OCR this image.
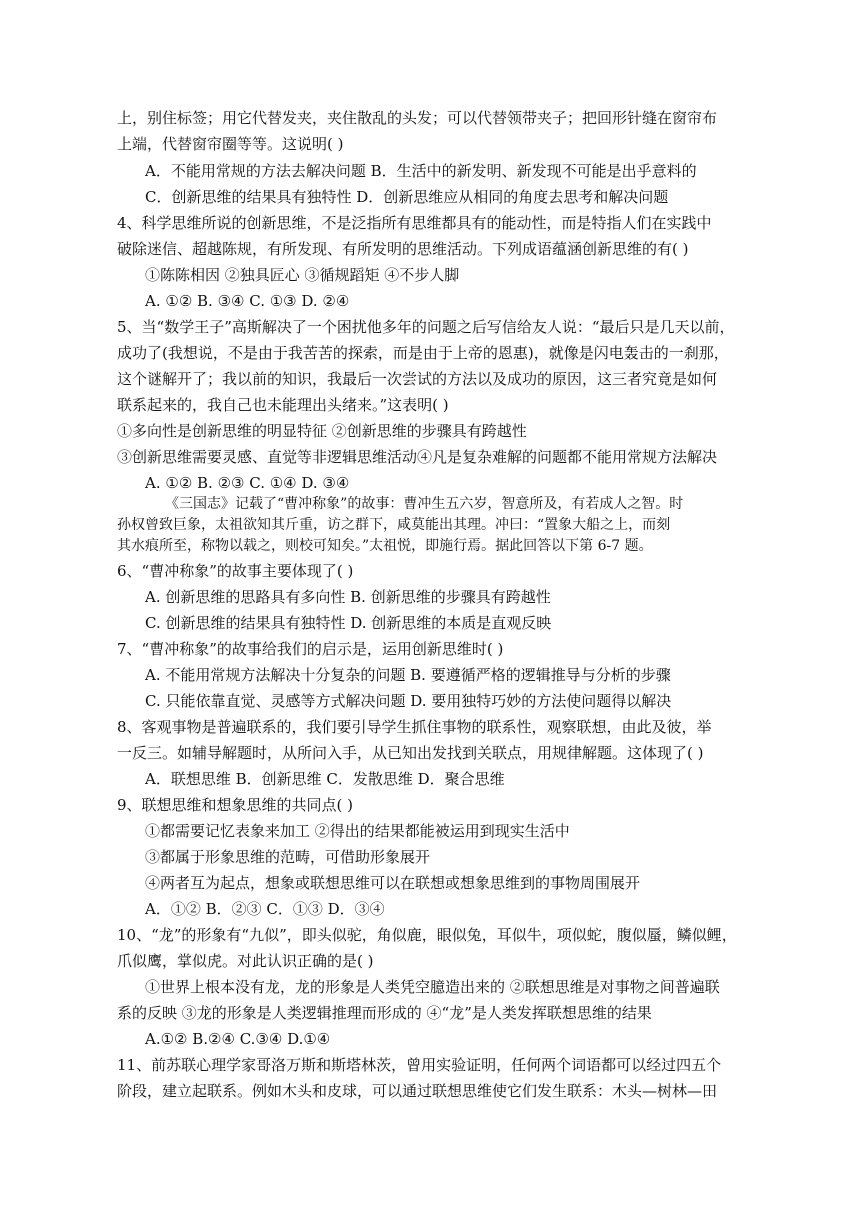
上，别住标签；用它代替发夹，夹住散乱的头发；可以代替领带夹子；把回形针缝在窗帘布
上端，代替窗帘圈等等。这说明( )
A．不能用常规的方法去解决问题 B．生活中的新发明、新发现不可能是出乎意料的
C．创新思维的结果具有独特性 D．创新思维应从相同的角度去思考和解决问题
4、科学思维所说的创新思维，不是泛指所有思维都具有的能动性，而是特指人们在实践中
破除迷信、超越陈规，有所发现、有所发明的思维活动。下列成语蕴涵创新思维的有( )
①陈陈相因 ②独具匠心 ③循规蹈矩 ④不步人脚
A. ①② B. ③④ C. ①③ D. ②④
5、当“数学王子”高斯解决了一个困扰他多年的问题之后写信给友人说：“最后只是几天以前，
成功了(我想说，不是由于我苦苦的探索，而是由于上帝的恩惠)，就像是闪电轰击的一刹那，
这个谜解开了；我以前的知识，我最后一次尝试的方法以及成功的原因，这三者究竟是如何
联系起来的，我自己也未能理出头绪来。”这表明( )
①多向性是创新思维的明显特征 ②创新思维的步骤具有跨越性
③创新思维需要灵感、直觉等非逻辑思维活动④凡是复杂难解的问题都不能用常规方法解决
A. ①② B. ②③ C. ①④ D. ③④
《三国志》记载了“曹冲称象”的故事：曹冲生五六岁，智意所及，有若成人之智。时
孙权曾致巨象，太祖欲知其斤重，访之群下，咸莫能出其理。冲曰：“置象大船之上，而刻
其水痕所至，称物以载之，则校可知矣。”太祖悦，即施行焉。据此回答以下第 6-7 题。
6、“曹冲称象”的故事主要体现了( )
A. 创新思维的思路具有多向性 B. 创新思维的步骤具有跨越性
C. 创新思维的结果具有独特性 D. 创新思维的本质是直观反映
7、“曹冲称象”的故事给我们的启示是，运用创新思维时( )
A. 不能用常规方法解决十分复杂的问题 B. 要遵循严格的逻辑推导与分析的步骤
C. 只能依靠直觉、灵感等方式解决问题 D. 要用独特巧妙的方法使问题得以解决
8、客观事物是普遍联系的，我们要引导学生抓住事物的联系性，观察联想，由此及彼，举
一反三。如辅导解题时，从所问入手，从已知出发找到关联点，用规律解题。这体现了( )
A．联想思维 B．创新思维 C．发散思维 D．聚合思维
9、联想思维和想象思维的共同点( )
①都需要记忆表象来加工 ②得出的结果都能被运用到现实生活中
③都属于形象思维的范畴，可借助形象展开
④两者互为起点，想象或联想思维可以在联想或想象思维到的事物周围展开
A．①② B．②③ C．①③ D．③④
10、“龙”的形象有“九似”，即头似驼，角似鹿，眼似兔，耳似牛，项似蛇，腹似蜃，鳞似鲤，
爪似鹰，掌似虎。对此认识正确的是( )
①世界上根本没有龙，龙的形象是人类凭空臆造出来的 ②联想思维是对事物之间普遍联
系的反映 ③龙的形象是人类逻辑推理而形成的 ④“龙”是人类发挥联想思维的结果
A.①② B.②④ C.③④ D.①④
11、前苏联心理学家哥洛万斯和斯塔林茨，曾用实验证明，任何两个词语都可以经过四五个
阶段，建立起联系。例如木头和皮球，可以通过联想思维使它们发生联系：木头—树林—田
